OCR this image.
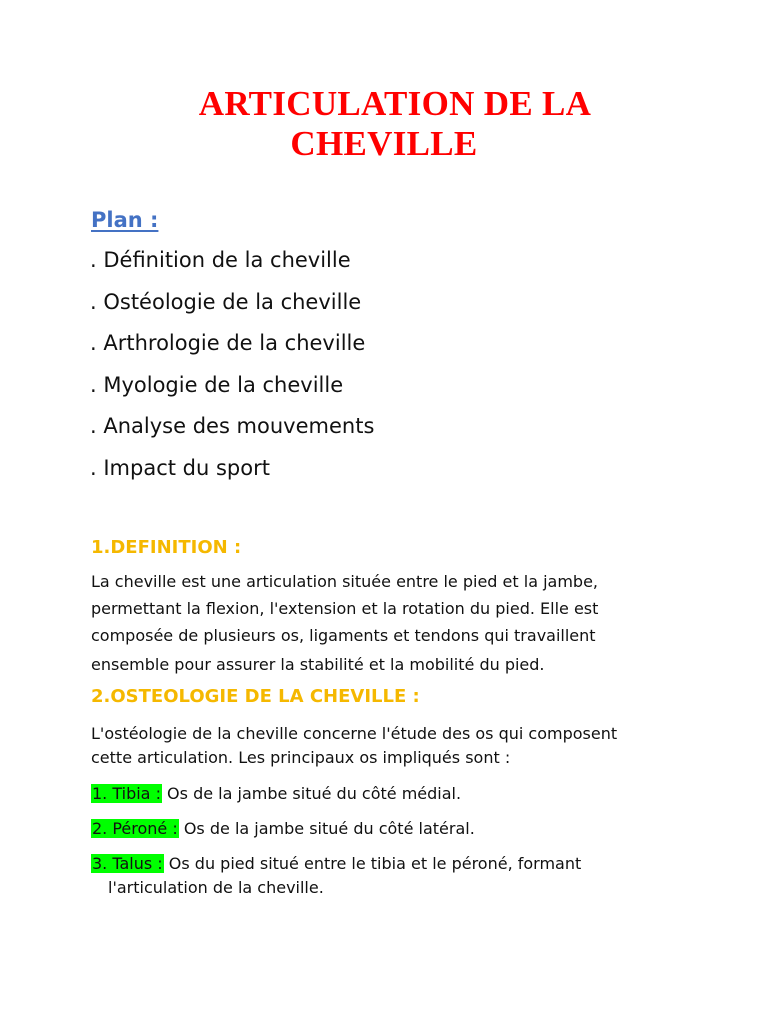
ARTICULATION DE LA
CHEVILLE
Plan :
. Définition de la cheville
. Ostéologie de la cheville
. Arthrologie de la cheville
. Myologie de la cheville
. Analyse des mouvements
. Impact du sport
1.DEFINITION :

La cheville est une articulation située entre le pied et la jambe,
permettant la flexion, l'extension et la rotation du pied. Elle est
composée de plusieurs os, ligaments et tendons qui travaillent
ensemble pour assurer la stabilité et la mobilité du pied.

2.OSTEOLOGIE DE LA CHEVILLE :

L'ostéologie de la cheville concerne l'étude des os qui composent
cette articulation. Les principaux os impliqués sont :

1. Tibia : Os de la jambe situé du côté médial.

2. Péroné : Os de la jambe situé du côté latéral.

3. Talus : Os du pied situé entre le tibia et le péroné, formant
l'articulation de la cheville.
